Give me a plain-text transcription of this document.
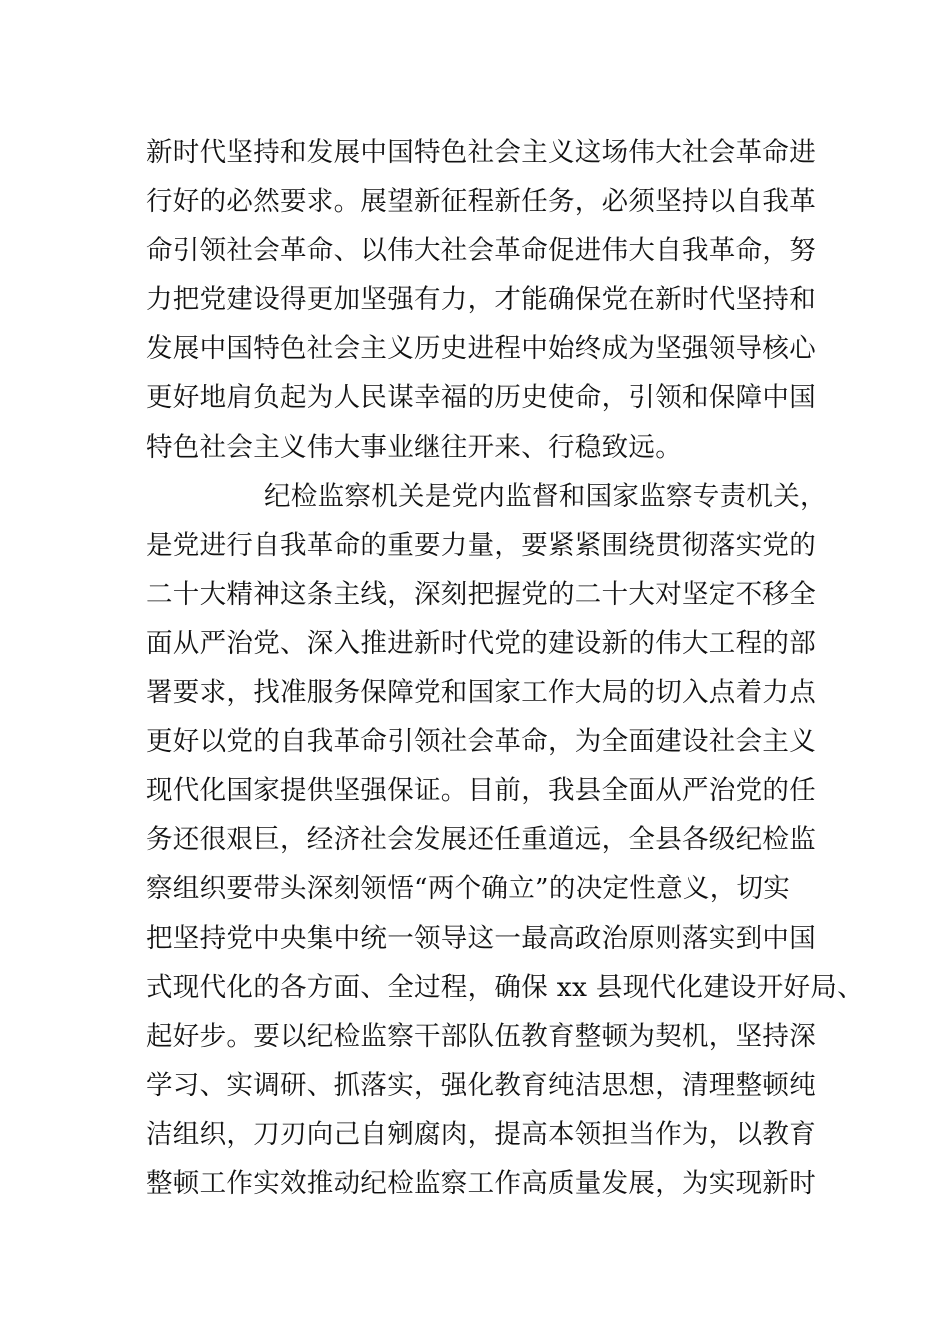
新时代坚持和发展中国特色社会主义这场伟大社会革命进
行好的必然要求。展望新征程新任务，必须坚持以自我革
命引领社会革命、以伟大社会革命促进伟大自我革命，努
力把党建设得更加坚强有力，才能确保党在新时代坚持和
发展中国特色社会主义历史进程中始终成为坚强领导核心
更好地肩负起为人民谋幸福的历史使命，引领和保障中国
特色社会主义伟大事业继往开来、行稳致远。
纪检监察机关是党内监督和国家监察专责机关，
是党进行自我革命的重要力量，要紧紧围绕贯彻落实党的
二十大精神这条主线，深刻把握党的二十大对坚定不移全
面从严治党、深入推进新时代党的建设新的伟大工程的部
署要求，找准服务保障党和国家工作大局的切入点着力点
更好以党的自我革命引领社会革命，为全面建设社会主义
现代化国家提供坚强保证。目前，我县全面从严治党的任
务还很艰巨，经济社会发展还任重道远，全县各级纪检监
察组织要带头深刻领悟“两个确立”的决定性意义，切实
把坚持党中央集中统一领导这一最高政治原则落实到中国
式现代化的各方面、全过程，确保 xx 县现代化建设开好局、
起好步。要以纪检监察干部队伍教育整顿为契机，坚持深
学习、实调研、抓落实，强化教育纯洁思想，清理整顿纯
洁组织，刀刃向己自剜腐肉，提高本领担当作为，以教育
整顿工作实效推动纪检监察工作高质量发展，为实现新时
